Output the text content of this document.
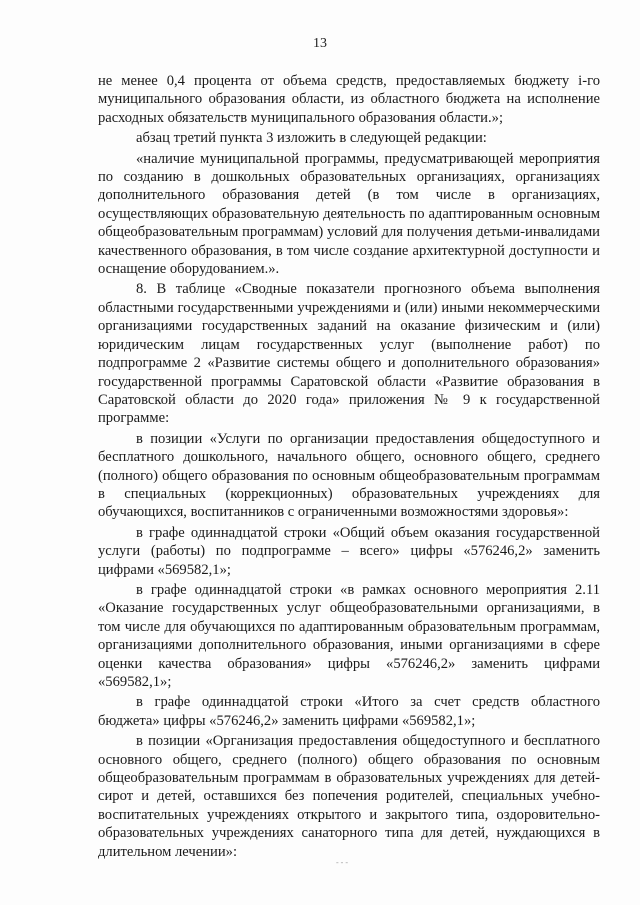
13

не менее 0,4 процента от объема средств, предоставляемых бюджету i-го муниципального образования области, из областного бюджета на исполнение расходных обязательств муниципального образования области.»;

абзац третий пункта 3 изложить в следующей редакции:

«наличие муниципальной программы, предусматривающей мероприятия по созданию в дошкольных образовательных организациях, организациях дополнительного образования детей (в том числе в организациях, осуществляющих образовательную деятельность по адаптированным основным общеобразовательным программам) условий для получения детьми-инвалидами качественного образования, в том числе создание архитектурной доступности и оснащение оборудованием.».

8. В таблице «Сводные показатели прогнозного объема выполнения областными государственными учреждениями и (или) иными некоммерческими организациями государственных заданий на оказание физическим и (или) юридическим лицам государственных услуг (выполнение работ) по подпрограмме 2 «Развитие системы общего и дополнительного образования» государственной программы Саратовской области «Развитие образования в Саратовской области до 2020 года» приложения № 9 к государственной программе:

в позиции «Услуги по организации предоставления общедоступного и бесплатного дошкольного, начального общего, основного общего, среднего (полного) общего образования по основным общеобразовательным программам в специальных (коррекционных) образовательных учреждениях для обучающихся, воспитанников с ограниченными возможностями здоровья»:

в графе одиннадцатой строки «Общий объем оказания государственной услуги (работы) по подпрограмме – всего» цифры «576246,2» заменить цифрами «569582,1»;

в графе одиннадцатой строки «в рамках основного мероприятия 2.11 «Оказание государственных услуг общеобразовательными организациями, в том числе для обучающихся по адаптированным образовательным программам, организациями дополнительного образования, иными организациями в сфере оценки качества образования» цифры «576246,2» заменить цифрами «569582,1»;

в графе одиннадцатой строки «Итого за счет средств областного бюджета» цифры «576246,2» заменить цифрами «569582,1»;

в позиции «Организация предоставления общедоступного и бесплатного основного общего, среднего (полного) общего образования по основным общеобразовательным программам в образовательных учреждениях для детей-сирот и детей, оставшихся без попечения родителей, специальных учебно-воспитательных учреждениях открытого и закрытого типа, оздоровительно-образовательных учреждениях санаторного типа для детей, нуждающихся в длительном лечении»:

- - -
